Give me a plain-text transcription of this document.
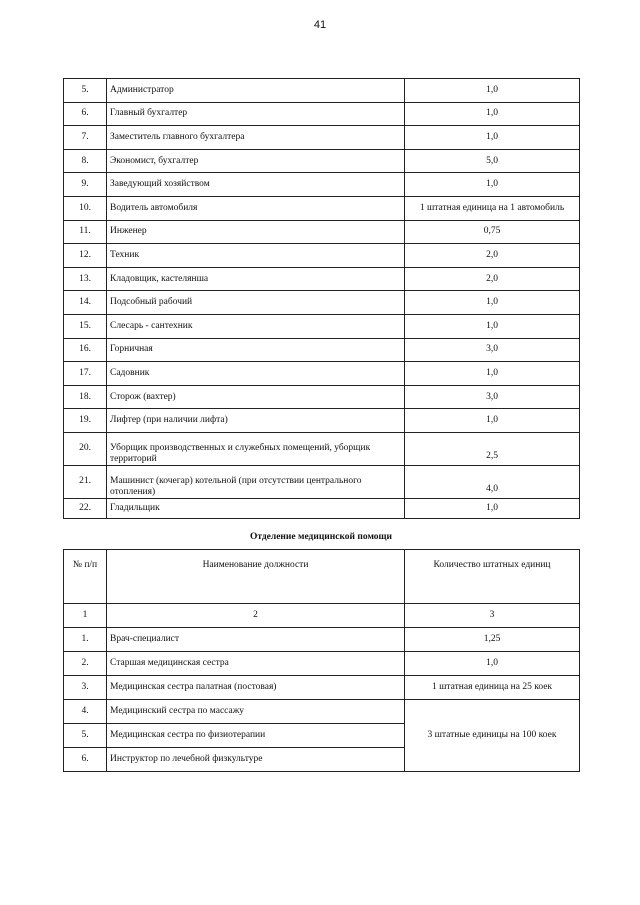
41
5.	Администратор	1,0
6.	Главный бухгалтер	1,0
7.	Заместитель главного бухгалтера	1,0
8.	Экономист, бухгалтер	5,0
9.	Заведующий хозяйством	1,0
10.	Водитель автомобиля	1 штатная единица на 1 автомобиль
11.	Инженер	0,75
12.	Техник	2,0
13.	Кладовщик, кастелянша	2,0
14.	Подсобный рабочий	1,0
15.	Слесарь - сантехник	1,0
16.	Горничная	3,0
17.	Садовник	1,0
18.	Сторож (вахтер)	3,0
19.	Лифтер (при наличии лифта)	1,0
20.	Уборщик производственных и служебных помещений, уборщик территорий	2,5
21.	Машинист (кочегар) котельной (при отсутствии центрального отопления)	4,0
22.	Гладильщик	1,0
Отделение медицинской помощи
№ п/п	Наименование должности	Количество штатных единиц
1	2	3
1.	Врач-специалист	1,25
2.	Старшая медицинская сестра	1,0
3.	Медицинская сестра палатная (постовая)	1 штатная единица на 25 коек
4.	Медицинский сестра по массажу	3 штатные единицы на 100 коек
5.	Медицинская сестра по физиотерапии	
6.	Инструктор по лечебной физкультуре	
